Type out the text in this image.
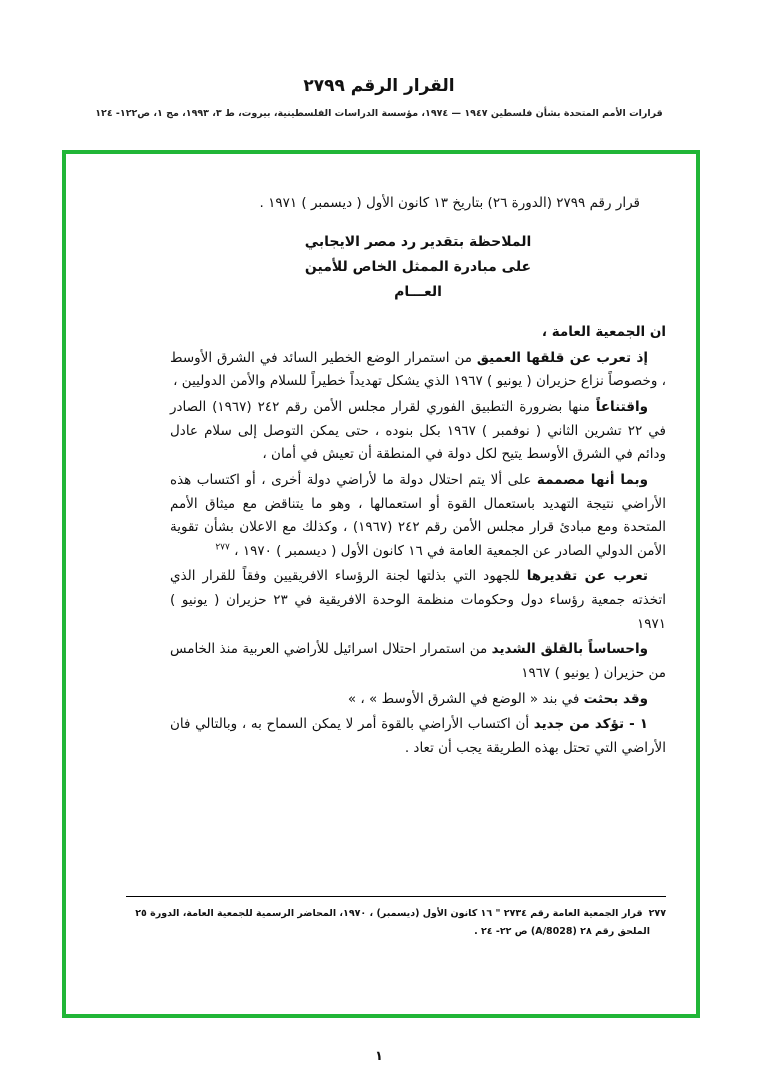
القرار الرقم ٢٧٩٩
قرارات الأمم المتحدة بشأن فلسطين ١٩٤٧ — ١٩٧٤، مؤسسة الدراسات الفلسطينية، بيروت، ط ٣، ١٩٩٣، مج ١، ص١٢٢- ١٢٤

قرار رقم ٢٧٩٩ (الدورة ٢٦) بتاريخ ١٣ كانون الأول ( ديسمبر ) ١٩٧١ .

الملاحظة بتقدير رد مصر الايجابي
على مبادرة الممثل الخاص للأمين
العـــام

ان الجمعية العامة ،

إذ تعرب عن قلقها العميق من استمرار الوضع الخطير السائد في الشرق الأوسط ، وخصوصاً نزاع حزيران ( يونيو ) ١٩٦٧ الذي يشكل تهديداً خطيراً للسلام والأمن الدوليين ،

واقتناعاً منها بضرورة التطبيق الفوري لقرار مجلس الأمن رقم ٢٤٢ (١٩٦٧) الصادر في ٢٢ تشرين الثاني ( نوفمبر ) ١٩٦٧ بكل بنوده ، حتى يمكن التوصل إلى سلام عادل ودائم في الشرق الأوسط يتيح لكل دولة في المنطقة أن تعيش في أمان ،

وبما أنها مصممة على ألا يتم احتلال دولة ما لأراضي دولة أخرى ، أو اكتساب هذه الأراضي نتيجة التهديد باستعمال القوة أو استعمالها ، وهو ما يتناقض مع ميثاق الأمم المتحدة ومع مبادئ قرار مجلس الأمن رقم ٢٤٢ (١٩٦٧) ، وكذلك مع الاعلان بشأن تقوية الأمن الدولي الصادر عن الجمعية العامة في ١٦ كانون الأول ( ديسمبر ) ١٩٧٠ ، $^{٢٧٧}$

تعرب عن تقديرها للجهود التي بذلتها لجنة الرؤساء الافريقيين وفقاً للقرار الذي اتخذته جمعية رؤساء دول وحكومات منظمة الوحدة الافريقية في ٢٣ حزيران ( يونيو ) ١٩٧١

واحساساً بالقلق الشديد من استمرار احتلال اسرائيل للأراضي العربية منذ الخامس من حزيران ( يونيو ) ١٩٦٧

وقد بحثت في بند « الوضع في الشرق الأوسط » ، »

١ - تؤكد من جديد أن اكتساب الأراضي بالقوة أمر لا يمكن السماح به ، وبالتالي فان الأراضي التي تحتل بهذه الطريقة يجب أن تعاد .

٢٧٧قرار الجمعية العامة رقم ٢٧٣٤ " ١٦ كانون الأول (ديسمبر) ، ١٩٧٠، المحاضر الرسمية للجمعية العامة، الدورة ٢٥
الملحق رقم ٢٨ (A/8028) ص ٢٢- ٢٤ .
١
